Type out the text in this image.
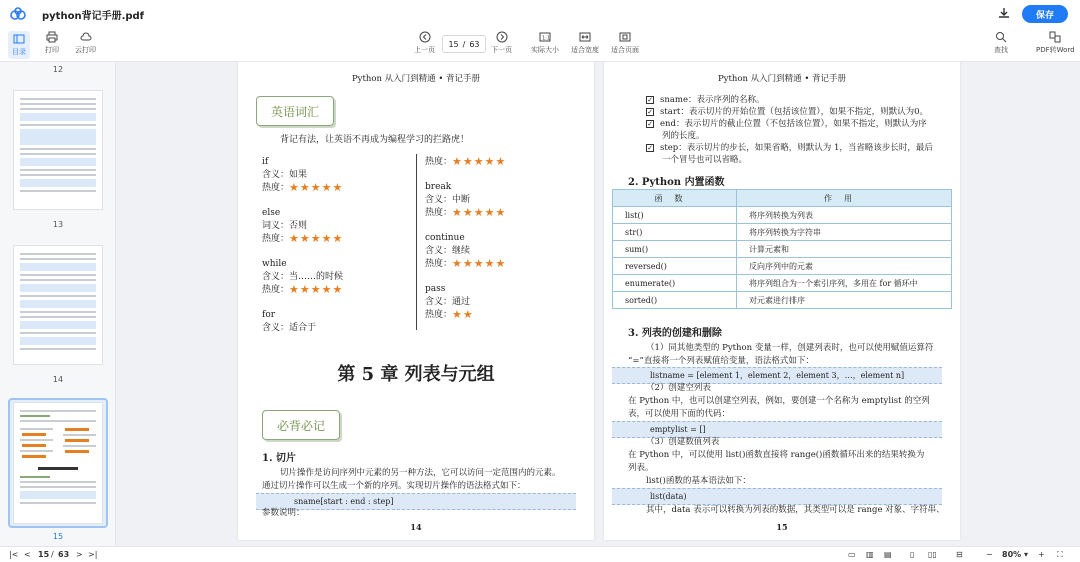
python背记手册.pdf	保存
目录	打印 云打印	上一页
15 / 63
下一页
1:1
实际大小 适合宽度 适合页面	查找	PDF转Word
12
13
14
15
Python 从入门到精通 • 背记手册
英语词汇
背记有法，让英语不再成为编程学习的拦路虎！
if
含义：如果
热度： ★ ★ ★ ★ ★
else
词义：否则
热度： ★ ★ ★ ★ ★
while
含义：当……的时候
热度： ★ ★ ★ ★ ★
for
含义：适合于
热度： ★ ★ ★ ★ ★
break
含义：中断
热度： ★ ★ ★ ★ ★
continue
含义：继续
热度： ★ ★ ★ ★ ★
pass
含义：通过
热度： ★ ★
第 5 章 列表与元组
必背必记
1. 切片
切片操作是访问序列中元素的另一种方法，它可以访问一定范围内的元素。
通过切片操作可以生成一个新的序列。实现切片操作的语法格式如下：
sname[start : end : step]
参数说明：
14
Python 从入门到精通 • 背记手册
✓ sname：表示序列的名称。
✓ start：表示切片的开始位置（包括该位置），如果不指定，则默认为0。
✓ end：表示切片的截止位置（不包括该位置），如果不指定，则默认为序
列的长度。
✓ step：表示切片的步长，如果省略，则默认为 1，当省略该步长时，最后
一个冒号也可以省略。
2. Python 内置函数
函数	作用
list()	将序列转换为列表
str()	将序列转换为字符串
sum()	计算元素和
reversed()	反向序列中的元素
enumerate()	将序列组合为一个索引序列，多用在 for 循环中
sorted()	对元素进行排序
3. 列表的创建和删除
（1）同其他类型的 Python 变量一样，创建列表时，也可以使用赋值运算符
“=”直接将一个列表赋值给变量，语法格式如下：
listname = [element 1，element 2，element 3，…，element n]
（2）创建空列表
在 Python 中，也可以创建空列表，例如，要创建一个名称为 emptylist 的空列
表，可以使用下面的代码：
emptylist = []
（3）创建数值列表
在 Python 中，可以使用 list()函数直接将 range()函数循环出来的结果转换为
列表。
list()函数的基本语法如下：
list(data)
其中，data 表示可以转换为列表的数据，其类型可以是 range 对象、字符串、
15
|< < 15 / 63 > >|	▭ ▥ ▤ ▯ ▯▯ ⊟	− 80% ▾ + ⛶
